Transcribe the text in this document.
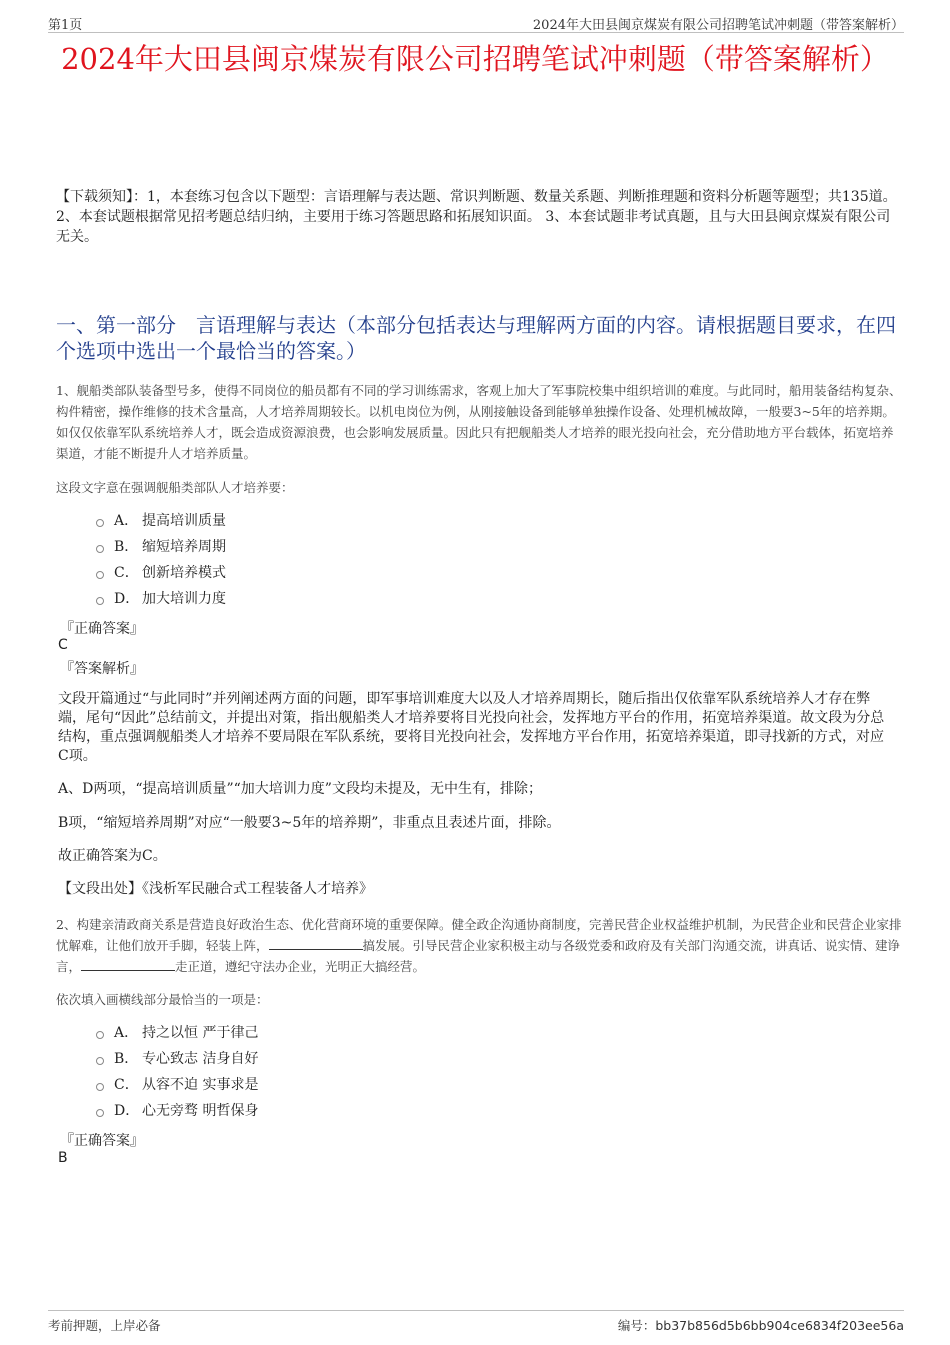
第1页	2024年大田县闽京煤炭有限公司招聘笔试冲刺题（带答案解析）
2024年大田县闽京煤炭有限公司招聘笔试冲刺题（带答案解析）

【下载须知】：1，本套练习包含以下题型：言语理解与表达题、常识判断题、数量关系题、判断推理题和资料分析题等题型；共135道。 2、本套试题根据常见招考题总结归纳，主要用于练习答题思路和拓展知识面。 3、本套试题非考试真题，且与大田县闽京煤炭有限公司无关。

一、第一部分　言语理解与表达（本部分包括表达与理解两方面的内容。请根据题目要求，在四个选项中选出一个最恰当的答案。）

1、舰船类部队装备型号多，使得不同岗位的船员都有不同的学习训练需求，客观上加大了军事院校集中组织培训的难度。与此同时，船用装备结构复杂、构件精密，操作维修的技术含量高，人才培养周期较长。以机电岗位为例，从刚接触设备到能够单独操作设备、处理机械故障，一般要3~5年的培养期。如仅仅依靠军队系统培养人才，既会造成资源浪费，也会影响发展质量。因此只有把舰船类人才培养的眼光投向社会，充分借助地方平台载体，拓宽培养渠道，才能不断提升人才培养质量。

这段文字意在强调舰船类部队人才培养要：

A． 提高培训质量
B． 缩短培养周期
C． 创新培养模式
D． 加大培训力度

『正确答案』

C

『答案解析』

文段开篇通过“与此同时”并列阐述两方面的问题，即军事培训难度大以及人才培养周期长，随后指出仅依靠军队系统培养人才存在弊端，尾句“因此”总结前文，并提出对策，指出舰船类人才培养要将目光投向社会，发挥地方平台的作用，拓宽培养渠道。故文段为分总结构，重点强调舰船类人才培养不要局限在军队系统，要将目光投向社会，发挥地方平台作用，拓宽培养渠道，即寻找新的方式，对应C项。

A、D两项，“提高培训质量”“加大培训力度”文段均未提及，无中生有，排除；

B项，“缩短培养周期”对应“一般要3~5年的培养期”，非重点且表述片面，排除。

故正确答案为C。

【文段出处】《浅析军民融合式工程装备人才培养》

2、构建亲清政商关系是营造良好政治生态、优化营商环境的重要保障。健全政企沟通协商制度，完善民营企业权益维护机制，为民营企业和民营企业家排忧解难，让他们放开手脚，轻装上阵，	搞发展。引导民营企业家积极主动与各级党委和政府及有关部门沟通交流，讲真话、说实情、建诤言，	走正道，遵纪守法办企业，光明正大搞经营。

依次填入画横线部分最恰当的一项是：

A． 持之以恒 严于律己
B． 专心致志 洁身自好
C． 从容不迫 实事求是
D． 心无旁骛 明哲保身

『正确答案』

B

考前押题，上岸必备	编号：bb37b856d5b6bb904ce6834f203ee56a
